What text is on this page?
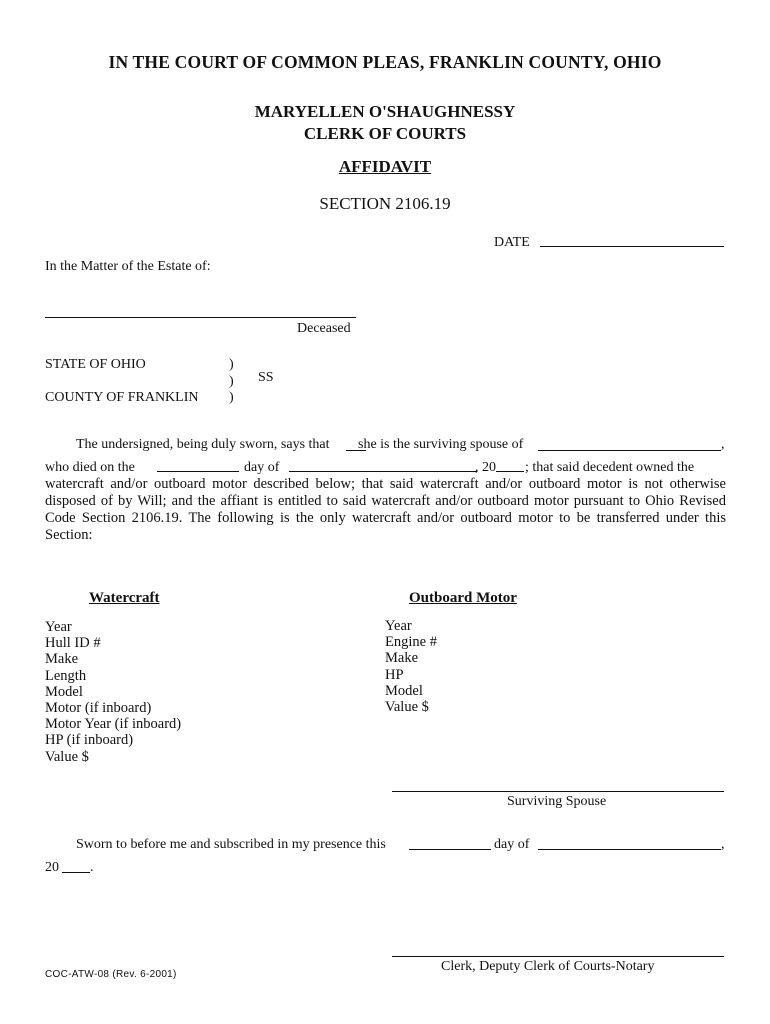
IN THE COURT OF COMMON PLEAS, FRANKLIN COUNTY, OHIO
MARYELLEN O'SHAUGHNESSY
CLERK OF COURTS
AFFIDAVIT
SECTION 2106.19
DATE
In the Matter of the Estate of:
Deceased
STATE OF OHIO
COUNTY OF FRANKLIN
)
)
)
SS
The undersigned, being duly sworn, says that she is the surviving spouse of	,
who died on the	day of	, 20 ; that said decedent owned the
watercraft and/or outboard motor described below; that said watercraft and/or outboard motor is not otherwise disposed of by Will; and the affiant is entitled to said watercraft and/or outboard motor pursuant to Ohio Revised Code Section 2106.19. The following is the only watercraft and/or outboard motor to be transferred under this Section:
Watercraft
Year
Hull ID #
Make
Length
Model
Motor (if inboard)
Motor Year (if inboard)
HP (if inboard)
Value $
Outboard Motor
Year
Engine #
Make
HP
Model
Value $
Surviving Spouse
Sworn to before me and subscribed in my presence this	day of	,
20 .
Clerk, Deputy Clerk of Courts-Notary
COC-ATW-08 (Rev. 6-2001)
